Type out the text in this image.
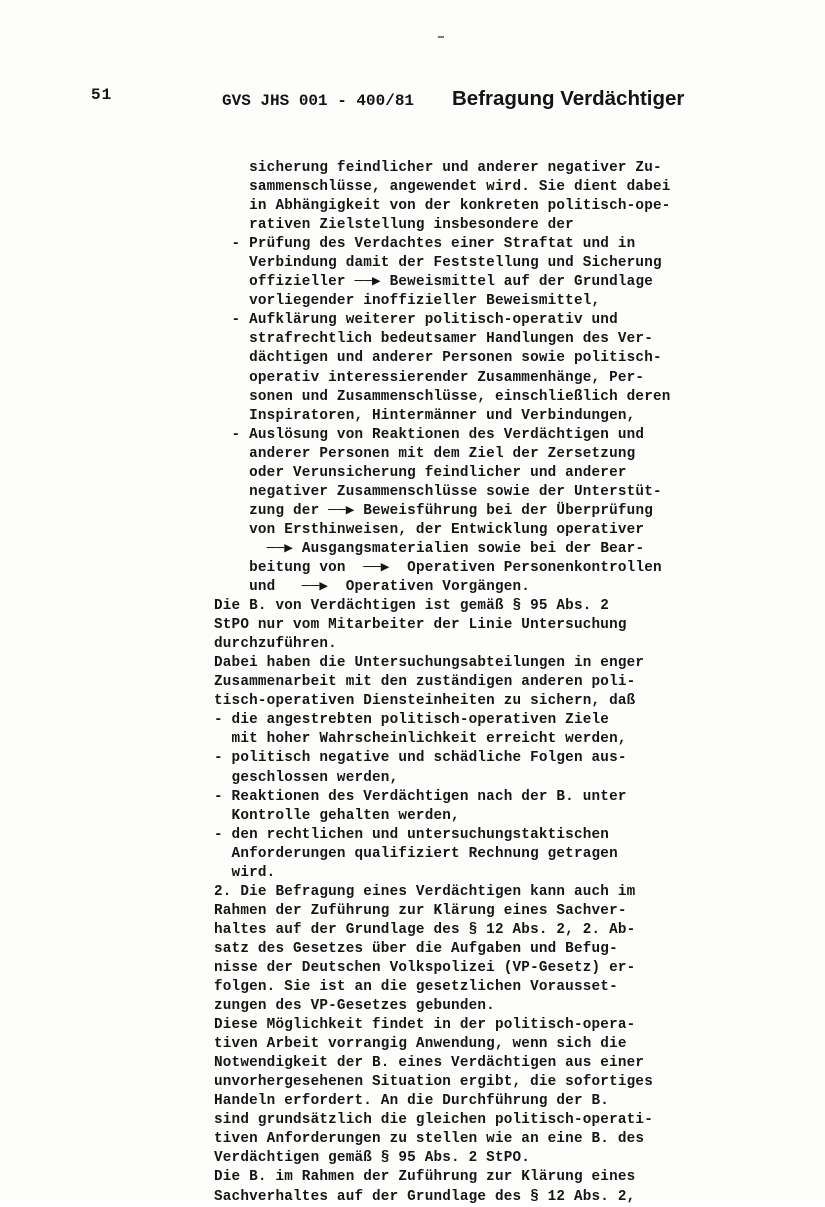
51	GVS JHS 001 - 400/81 Befragung Verdächtiger
sicherung feindlicher und anderer negativer Zu-
sammenschlüsse, angewendet wird. Sie dient dabei
in Abhängigkeit von der konkreten politisch-ope-
rativen Zielstellung insbesondere der
- Prüfung des Verdachtes einer Straftat und in
Verbindung damit der Feststellung und Sicherung
offizieller ──▶ Beweismittel auf der Grundlage
vorliegender inoffizieller Beweismittel,
- Aufklärung weiterer politisch-operativ und
strafrechtlich bedeutsamer Handlungen des Ver-
dächtigen und anderer Personen sowie politisch-
operativ interessierender Zusammenhänge, Per-
sonen und Zusammenschlüsse, einschließlich deren
Inspiratoren, Hintermänner und Verbindungen,
- Auslösung von Reaktionen des Verdächtigen und
anderer Personen mit dem Ziel der Zersetzung
oder Verunsicherung feindlicher und anderer
negativer Zusammenschlüsse sowie der Unterstüt-
zung der ──▶ Beweisführung bei der Überprüfung
von Ersthinweisen, der Entwicklung operativer
──▶ Ausgangsmaterialien sowie bei der Bear-
beitung von  ──▶  Operativen Personenkontrollen
und   ──▶  Operativen Vorgängen.
Die B. von Verdächtigen ist gemäß § 95 Abs. 2
StPO nur vom Mitarbeiter der Linie Untersuchung
durchzuführen.
Dabei haben die Untersuchungsabteilungen in enger
Zusammenarbeit mit den zuständigen anderen poli-
tisch-operativen Diensteinheiten zu sichern, daß
- die angestrebten politisch-operativen Ziele
mit hoher Wahrscheinlichkeit erreicht werden,
- politisch negative und schädliche Folgen aus-
geschlossen werden,
- Reaktionen des Verdächtigen nach der B. unter
Kontrolle gehalten werden,
- den rechtlichen und untersuchungstaktischen
Anforderungen qualifiziert Rechnung getragen
wird.
2. Die Befragung eines Verdächtigen kann auch im
Rahmen der Zuführung zur Klärung eines Sachver-
haltes auf der Grundlage des § 12 Abs. 2, 2. Ab-
satz des Gesetzes über die Aufgaben und Befug-
nisse der Deutschen Volkspolizei (VP-Gesetz) er-
folgen. Sie ist an die gesetzlichen Vorausset-
zungen des VP-Gesetzes gebunden.
Diese Möglichkeit findet in der politisch-opera-
tiven Arbeit vorrangig Anwendung, wenn sich die
Notwendigkeit der B. eines Verdächtigen aus einer
unvorhergesehenen Situation ergibt, die sofortiges
Handeln erfordert. An die Durchführung der B.
sind grundsätzlich die gleichen politisch-operati-
tiven Anforderungen zu stellen wie an eine B. des
Verdächtigen gemäß § 95 Abs. 2 StPO.
Die B. im Rahmen der Zuführung zur Klärung eines
Sachverhaltes auf der Grundlage des § 12 Abs. 2,
